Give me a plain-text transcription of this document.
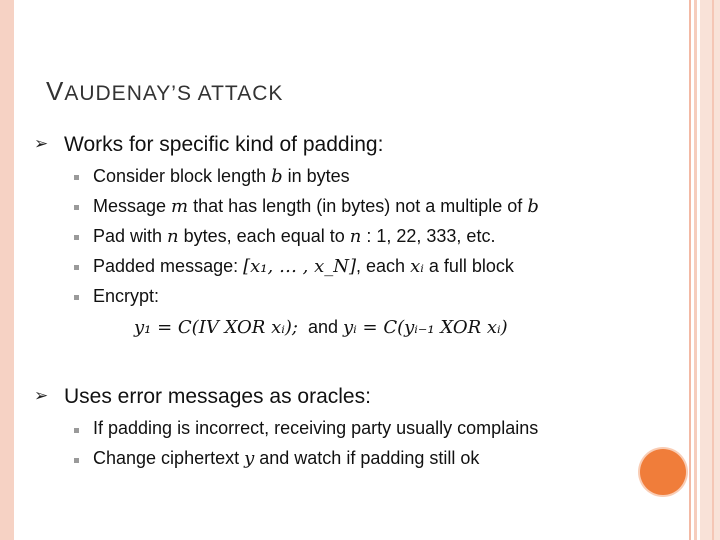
VAUDENAY’S ATTACK
➢ Works for specific kind of padding:
Consider block length b in bytes
Message m that has length (in bytes) not a multiple of b
Pad with n bytes, each equal to n : 1, 22, 333, etc.
Padded message: [x₁, … , x_N], each xᵢ a full block
Encrypt:
y₁ = C(IV XOR xᵢ); and yᵢ = C(yᵢ₋₁ XOR xᵢ)
➢ Uses error messages as oracles:
If padding is incorrect, receiving party usually complains
Change ciphertext y and watch if padding still ok
